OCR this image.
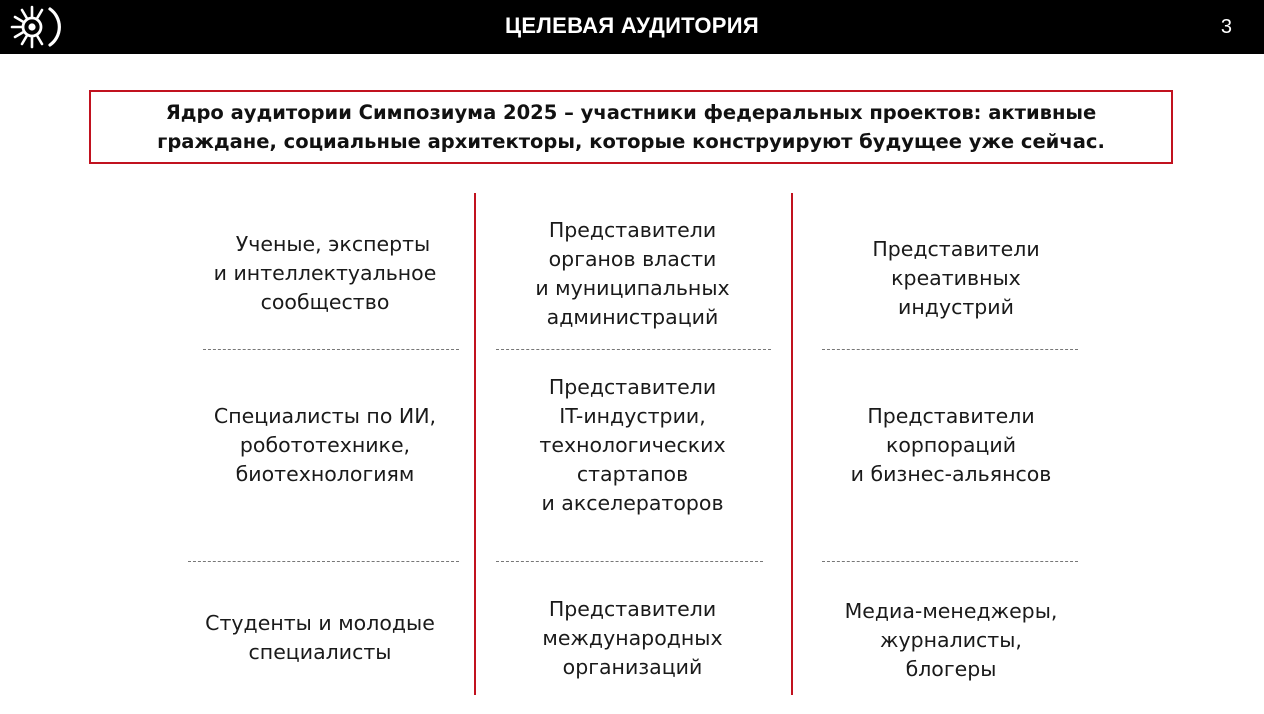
ЦЕЛЕВАЯ АУДИТОРИЯ	3
Ядро аудитории Симпозиума 2025 – участники федеральных проектов: активные
граждане, социальные архитекторы, которые конструируют будущее уже сейчас.
Ученые, эксперты
и интеллектуальное
сообщество
Представители
органов власти
и муниципальных
администраций
Представители
креативных
индустрий
Специалисты по ИИ,
робототехнике,
биотехнологиям
Представители
IT-индустрии,
технологических
стартапов
и акселераторов
Представители
корпораций
и бизнес-альянсов
Студенты и молодые
специалисты
Представители
международных
организаций
Медиа-менеджеры,
журналисты,
блогеры
